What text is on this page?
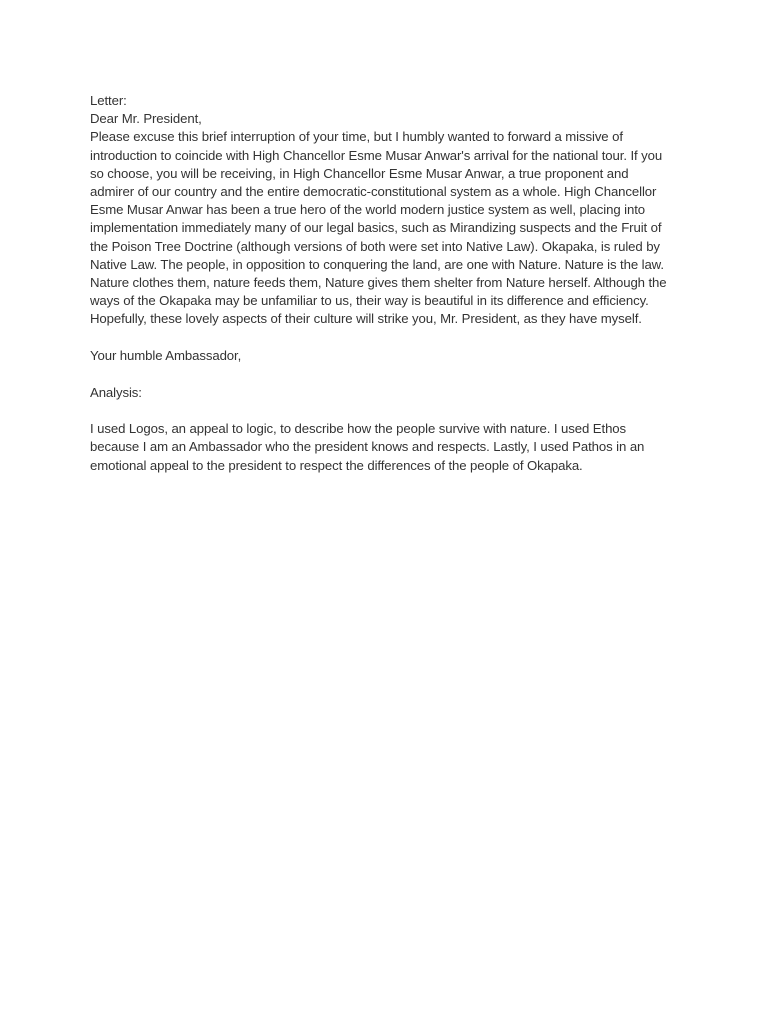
Letter:
Dear Mr. President,
Please excuse this brief interruption of your time, but I humbly wanted to forward a missive of
introduction to coincide with High Chancellor Esme Musar Anwar's arrival for the national tour. If you
so choose, you will be receiving, in High Chancellor Esme Musar Anwar, a true proponent and
admirer of our country and the entire democratic-constitutional system as a whole. High Chancellor
Esme Musar Anwar has been a true hero of the world modern justice system as well, placing into
implementation immediately many of our legal basics, such as Mirandizing suspects and the Fruit of
the Poison Tree Doctrine (although versions of both were set into Native Law). Okapaka, is ruled by
Native Law. The people, in opposition to conquering the land, are one with Nature. Nature is the law.
Nature clothes them, nature feeds them, Nature gives them shelter from Nature herself. Although the
ways of the Okapaka may be unfamiliar to us, their way is beautiful in its difference and efficiency.
Hopefully, these lovely aspects of their culture will strike you, Mr. President, as they have myself.
Your humble Ambassador,
Analysis:
I used Logos, an appeal to logic, to describe how the people survive with nature. I used Ethos
because I am an Ambassador who the president knows and respects. Lastly, I used Pathos in an
emotional appeal to the president to respect the differences of the people of Okapaka.
